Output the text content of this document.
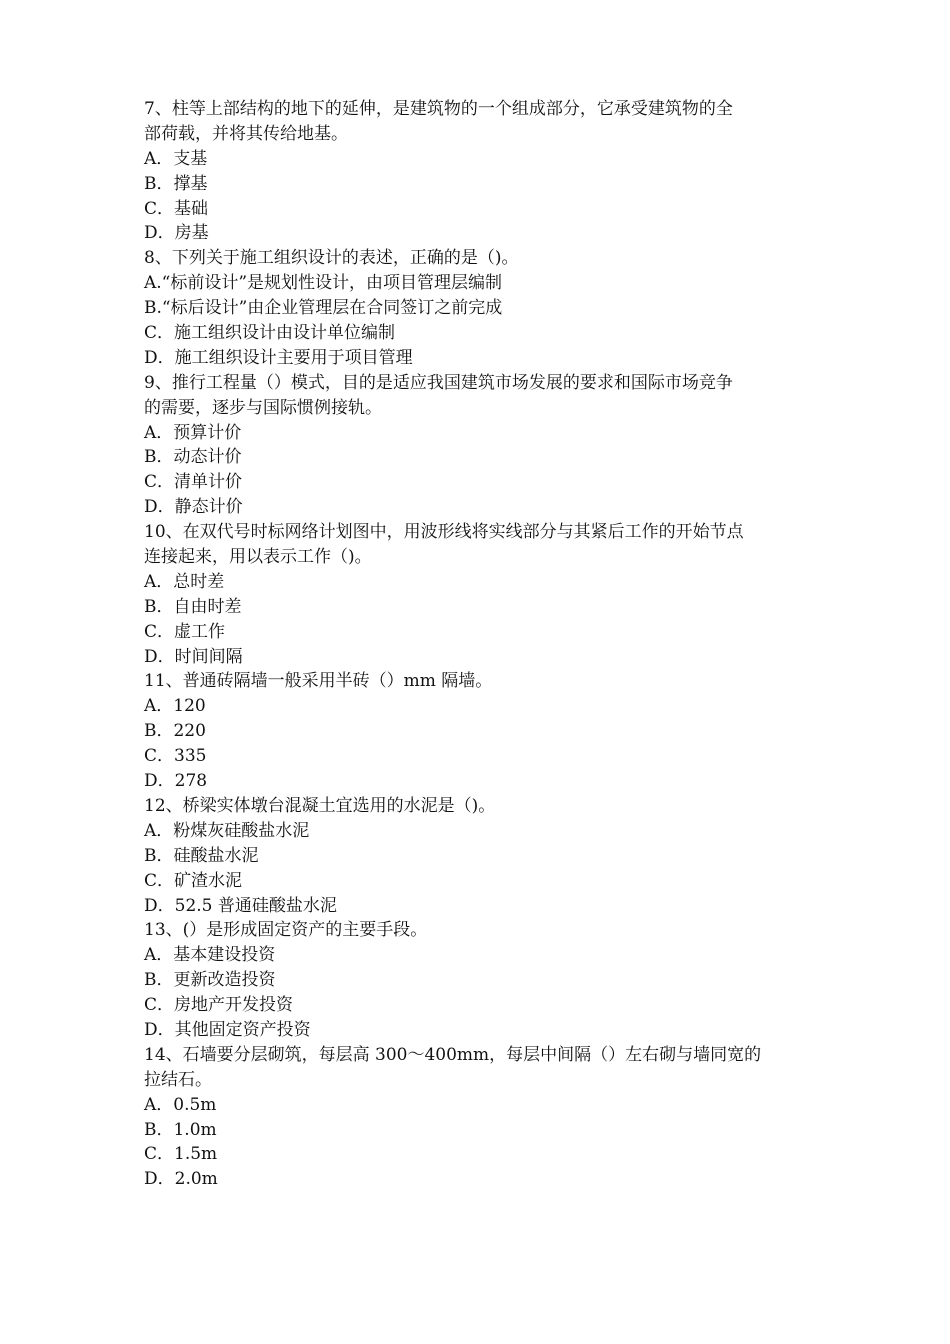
7、柱等上部结构的地下的延伸，是建筑物的一个组成部分，它承受建筑物的全
部荷载，并将其传给地基。
A．支基
B．撑基
C．基础
D．房基
8、下列关于施工组织设计的表述，正确的是（)。
A.“标前设计”是规划性设计，由项目管理层编制
B.“标后设计”由企业管理层在合同签订之前完成
C．施工组织设计由设计单位编制
D．施工组织设计主要用于项目管理
9、推行工程量（）模式，目的是适应我国建筑市场发展的要求和国际市场竞争
的需要，逐步与国际惯例接轨。
A．预算计价
B．动态计价
C．清单计价
D．静态计价
10、在双代号时标网络计划图中，用波形线将实线部分与其紧后工作的开始节点
连接起来，用以表示工作（)。
A．总时差
B．自由时差
C．虚工作
D．时间间隔
11、普通砖隔墙一般采用半砖（）mm 隔墙。
A．120
B．220
C．335
D．278
12、桥梁实体墩台混凝土宜选用的水泥是（)。
A．粉煤灰硅酸盐水泥
B．硅酸盐水泥
C．矿渣水泥
D．52.5 普通硅酸盐水泥
13、(）是形成固定资产的主要手段。
A．基本建设投资
B．更新改造投资
C．房地产开发投资
D．其他固定资产投资
14、石墙要分层砌筑，每层高 300～400mm，每层中间隔（）左右砌与墙同宽的
拉结石。
A．0.5m
B．1.0m
C．1.5m
D．2.0m
